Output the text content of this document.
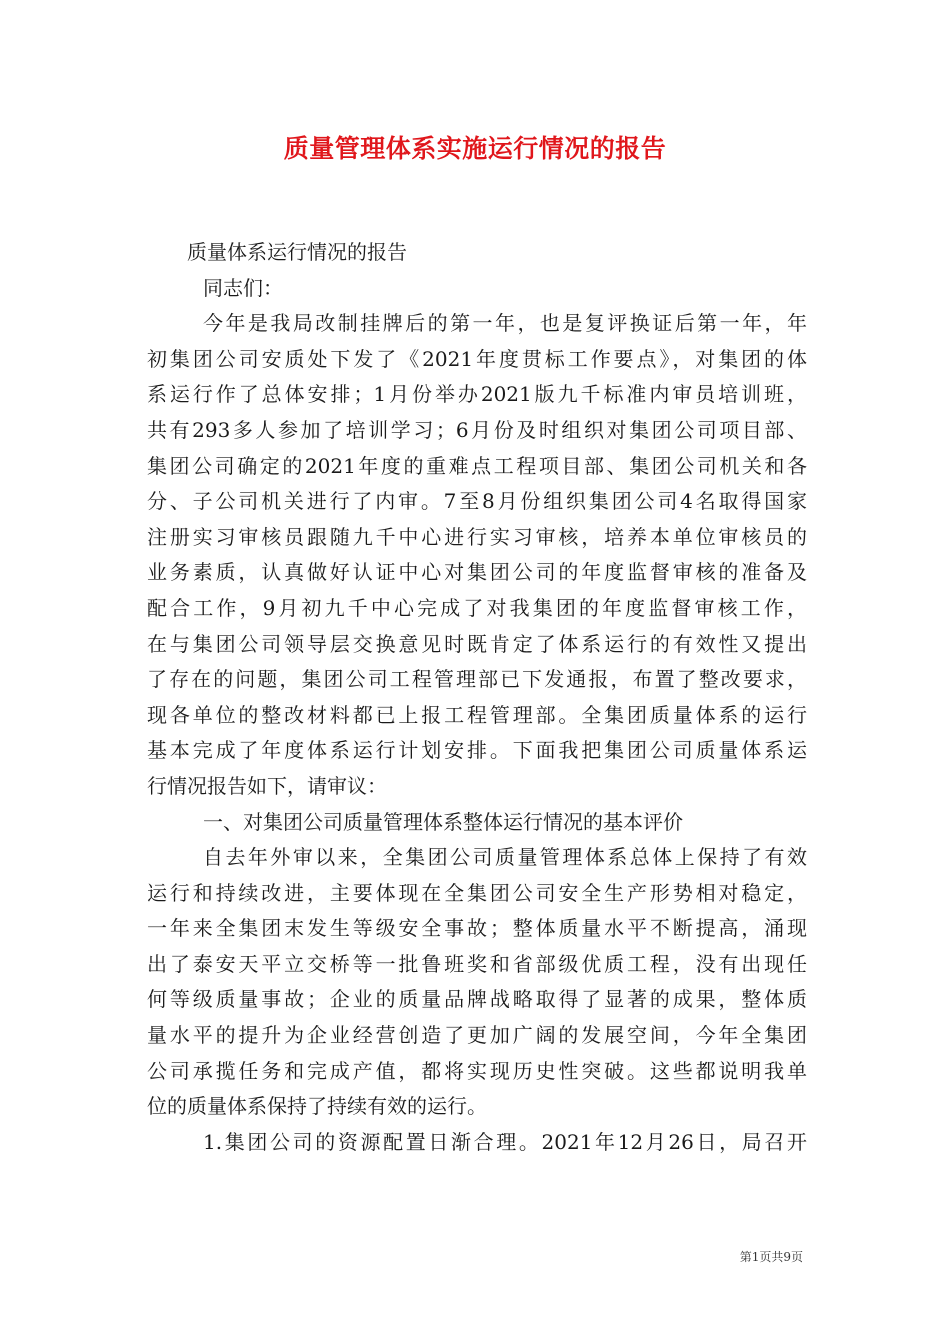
质量管理体系实施运行情况的报告
质量体系运行情况的报告
同志们：
今年是我局改制挂牌后的第一年，也是复评换证后第一年，年
初集团公司安质处下发了《2021年度贯标工作要点》，对集团的体
系运行作了总体安排；1月份举办2021版九千标准内审员培训班，
共有293多人参加了培训学习；6月份及时组织对集团公司项目部、
集团公司确定的2021年度的重难点工程项目部、集团公司机关和各
分、子公司机关进行了内审。7至8月份组织集团公司4名取得国家
注册实习审核员跟随九千中心进行实习审核，培养本单位审核员的
业务素质，认真做好认证中心对集团公司的年度监督审核的准备及
配合工作，9月初九千中心完成了对我集团的年度监督审核工作，
在与集团公司领导层交换意见时既肯定了体系运行的有效性又提出
了存在的问题，集团公司工程管理部已下发通报，布置了整改要求，
现各单位的整改材料都已上报工程管理部。全集团质量体系的运行
基本完成了年度体系运行计划安排。下面我把集团公司质量体系运
行情况报告如下，请审议：
一、对集团公司质量管理体系整体运行情况的基本评价
自去年外审以来，全集团公司质量管理体系总体上保持了有效
运行和持续改进，主要体现在全集团公司安全生产形势相对稳定，
一年来全集团末发生等级安全事故；整体质量水平不断提高，涌现
出了泰安天平立交桥等一批鲁班奖和省部级优质工程，没有出现任
何等级质量事故；企业的质量品牌战略取得了显著的成果，整体质
量水平的提升为企业经营创造了更加广阔的发展空间，今年全集团
公司承揽任务和完成产值，都将实现历史性突破。这些都说明我单
位的质量体系保持了持续有效的运行。
1.集团公司的资源配置日渐合理。2021年12月26日，局召开
第1页共9页
